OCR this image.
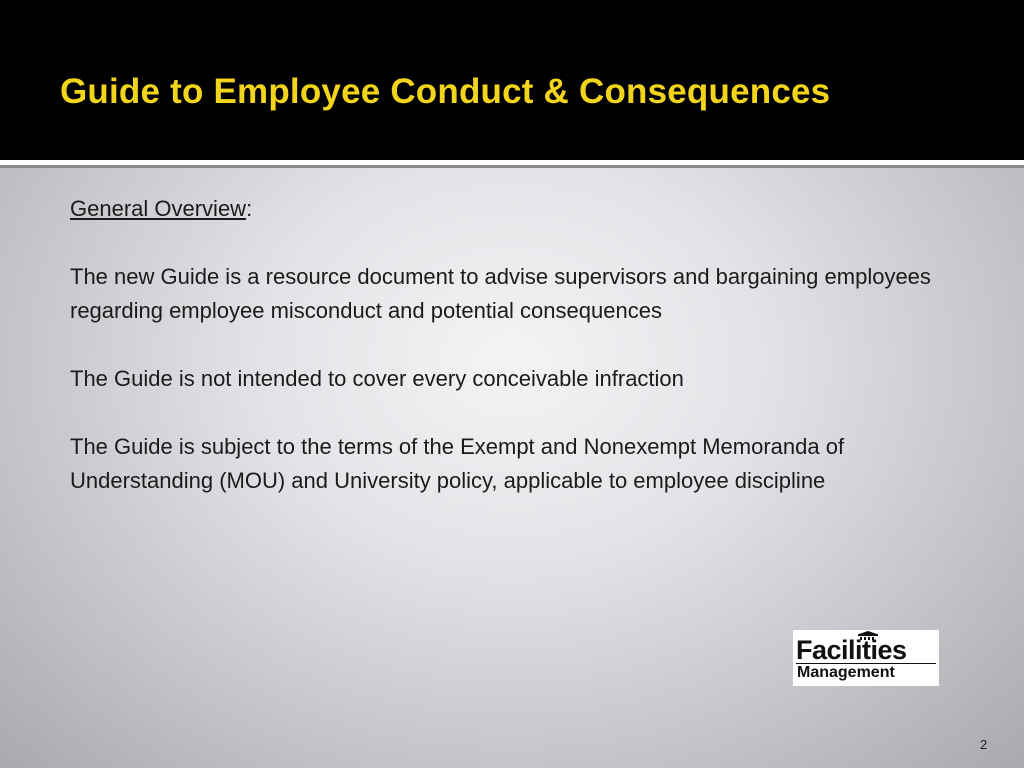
Guide to Employee Conduct & Consequences

General Overview:

The new Guide is a resource document to advise supervisors and bargaining employees regarding employee misconduct and potential consequences

The Guide is not intended to cover every conceivable infraction

The Guide is subject to the terms of the Exempt and Nonexempt Memoranda of Understanding (MOU) and University policy, applicable to employee discipline

Facilities
Management
2
